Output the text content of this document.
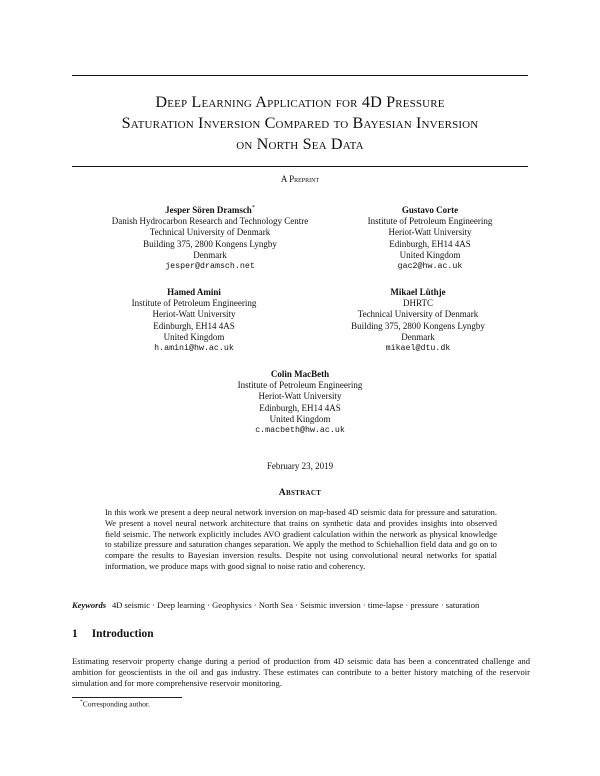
Deep Learning Application for 4D Pressure
Saturation Inversion Compared to Bayesian Inversion
on North Sea Data
A Preprint
Jesper Sören Dramsch*
Danish Hydrocarbon Research and Technology Centre
Technical University of Denmark
Building 375, 2800 Kongens Lyngby
Denmark
jesper@dramsch.net
Gustavo Corte
Institute of Petroleum Engineering
Heriot-Watt University
Edinburgh, EH14 4AS
United Kingdom
gac2@hw.ac.uk
Hamed Amini
Institute of Petroleum Engineering
Heriot-Watt University
Edinburgh, EH14 4AS
United Kingdom
h.amini@hw.ac.uk
Mikael Lüthje
DHRTC
Technical University of Denmark
Building 375, 2800 Kongens Lyngby
Denmark
mikael@dtu.dk
Colin MacBeth
Institute of Petroleum Engineering
Heriot-Watt University
Edinburgh, EH14 4AS
United Kingdom
c.macbeth@hw.ac.uk
February 23, 2019
Abstract
In this work we present a deep neural network inversion on map-based 4D seismic data for pressure and saturation. We present a novel neural network architecture that trains on synthetic data and provides insights into observed field seismic. The network explicitly includes AVO gradient calculation within the network as physical knowledge to stabilize pressure and saturation changes separation. We apply the method to Schiehallion field data and go on to compare the results to Bayesian inversion results. Despite not using convolutional neural networks for spatial information, we produce maps with good signal to noise ratio and coherency.
Keywords 4D seismic · Deep learning · Geophysics · North Sea · Seismic inversion · time-lapse · pressure · saturation
1 Introduction
Estimating reservoir property change during a period of production from 4D seismic data has been a concentrated challenge and ambition for geoscientists in the oil and gas industry. These estimates can contribute to a better history matching of the reservoir simulation and for more comprehensive reservoir monitoring.
*Corresponding author.
